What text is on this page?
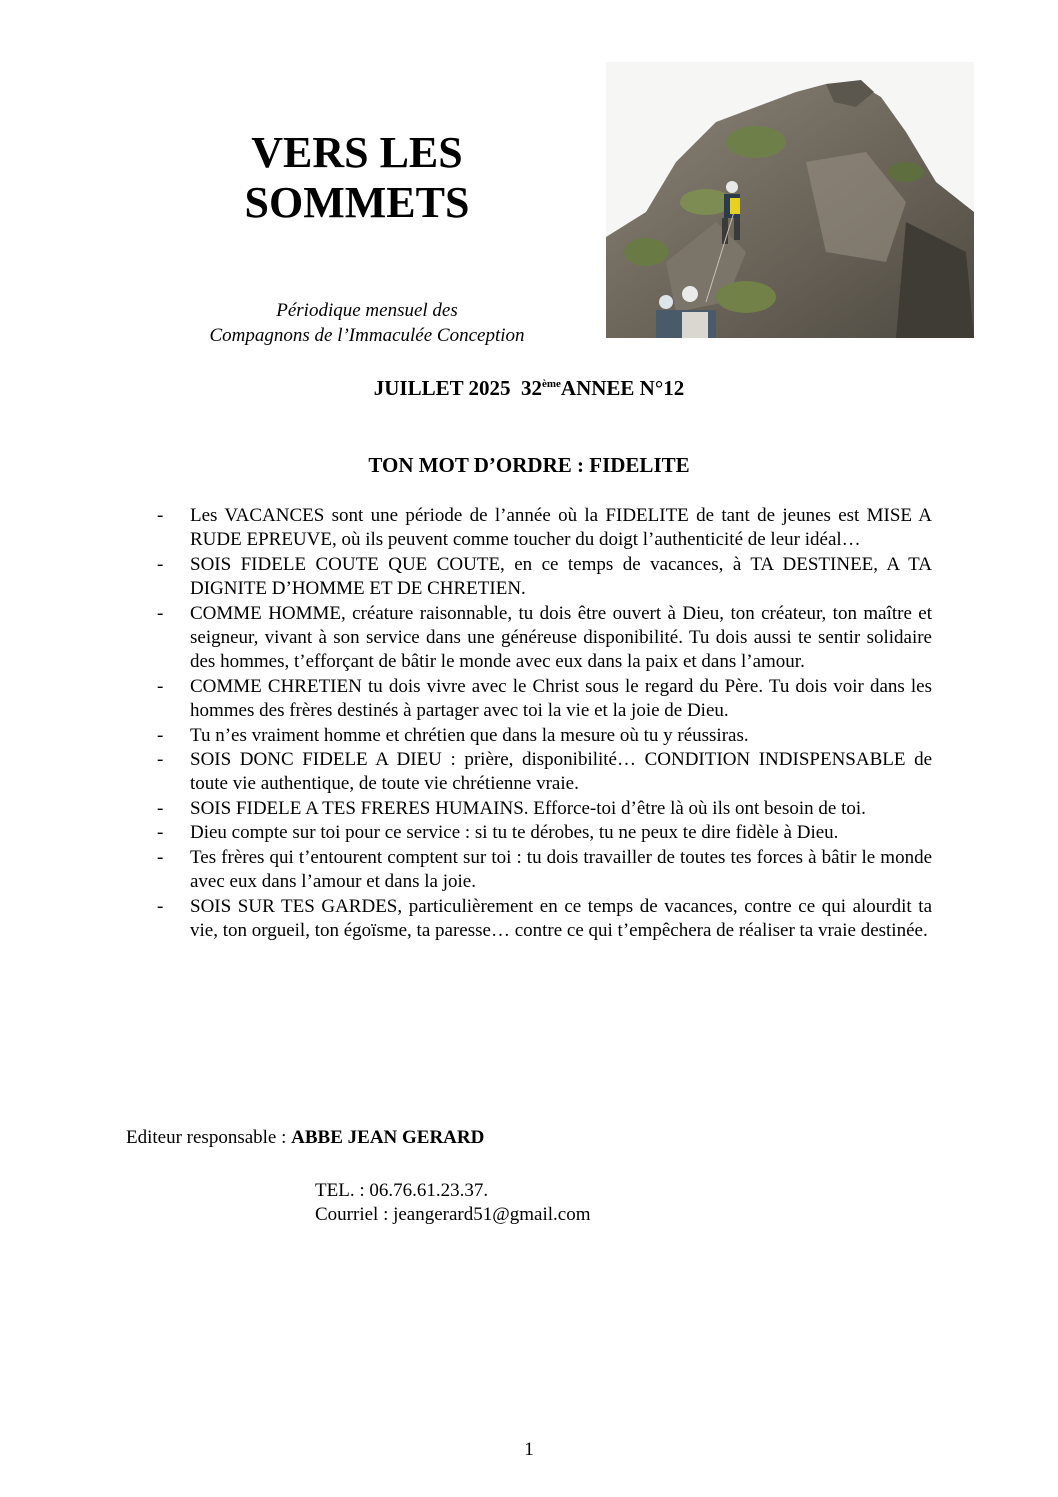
VERS LES
SOMMETS
Périodique mensuel des
Compagnons de l’Immaculée Conception
JUILLET 2025 32èmeANNEE N°12
TON MOT D’ORDRE : FIDELITE
- Les VACANCES sont une période de l’année où la FIDELITE de tant de jeunes est MISE A RUDE EPREUVE, où ils peuvent comme toucher du doigt l’authenticité de leur idéal…
- SOIS FIDELE COUTE QUE COUTE, en ce temps de vacances, à TA DESTINEE, A TA DIGNITE D’HOMME ET DE CHRETIEN.
- COMME HOMME, créature raisonnable, tu dois être ouvert à Dieu, ton créateur, ton maître et seigneur, vivant à son service dans une généreuse disponibilité. Tu dois aussi te sentir solidaire des hommes, t’efforçant de bâtir le monde avec eux dans la paix et dans l’amour.
- COMME CHRETIEN tu dois vivre avec le Christ sous le regard du Père. Tu dois voir dans les hommes des frères destinés à partager avec toi la vie et la joie de Dieu.
- Tu n’es vraiment homme et chrétien que dans la mesure où tu y réussiras.
- SOIS DONC FIDELE A DIEU : prière, disponibilité… CONDITION INDISPENSABLE de toute vie authentique, de toute vie chrétienne vraie.
- SOIS FIDELE A TES FRERES HUMAINS. Efforce-toi d’être là où ils ont besoin de toi.
- Dieu compte sur toi pour ce service : si tu te dérobes, tu ne peux te dire fidèle à Dieu.
- Tes frères qui t’entourent comptent sur toi : tu dois travailler de toutes tes forces à bâtir le monde avec eux dans l’amour et dans la joie.
- SOIS SUR TES GARDES, particulièrement en ce temps de vacances, contre ce qui alourdit ta vie, ton orgueil, ton égoïsme, ta paresse… contre ce qui t’empêchera de réaliser ta vraie destinée.
Editeur responsable : ABBE JEAN GERARD
TEL. : 06.76.61.23.37.
Courriel : jeangerard51@gmail.com
1
